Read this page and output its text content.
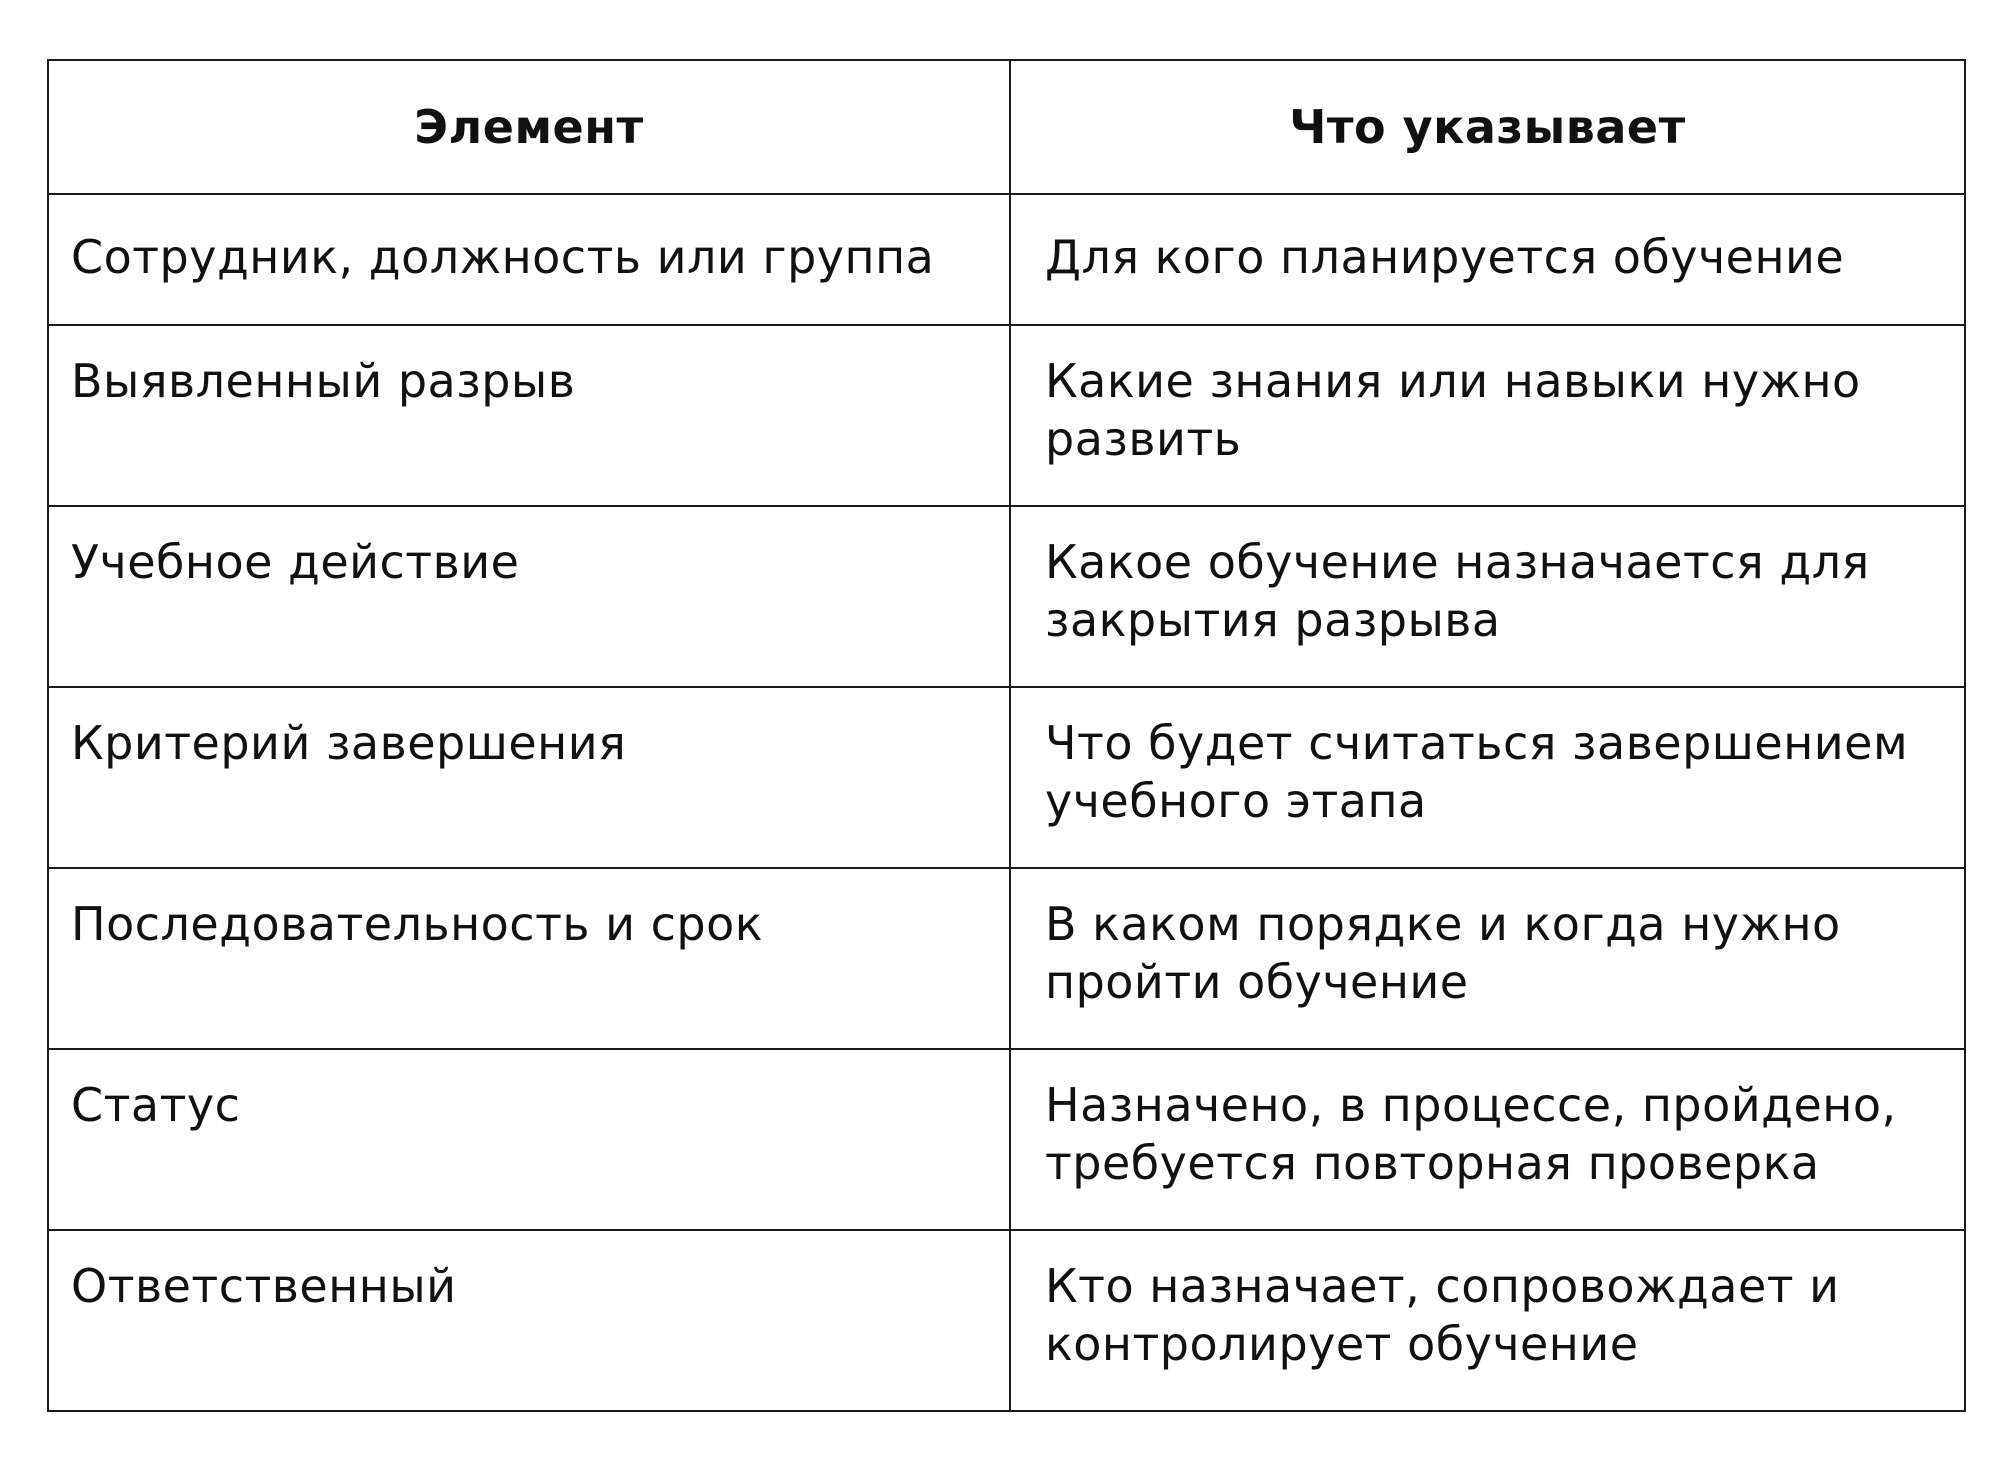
Элемент	Что указывает
Сотрудник, должность или группа	Для кого планируется обучение
Выявленный разрыв	Какие знания или навыки нужно развить
Учебное действие	Какое обучение назначается для закрытия разрыва
Критерий завершения	Что будет считаться завершением учебного этапа
Последовательность и срок	В каком порядке и когда нужно пройти обучение
Статус	Назначено, в процессе, пройдено, требуется повторная проверка
Ответственный	Кто назначает, сопровождает и контролирует обучение
